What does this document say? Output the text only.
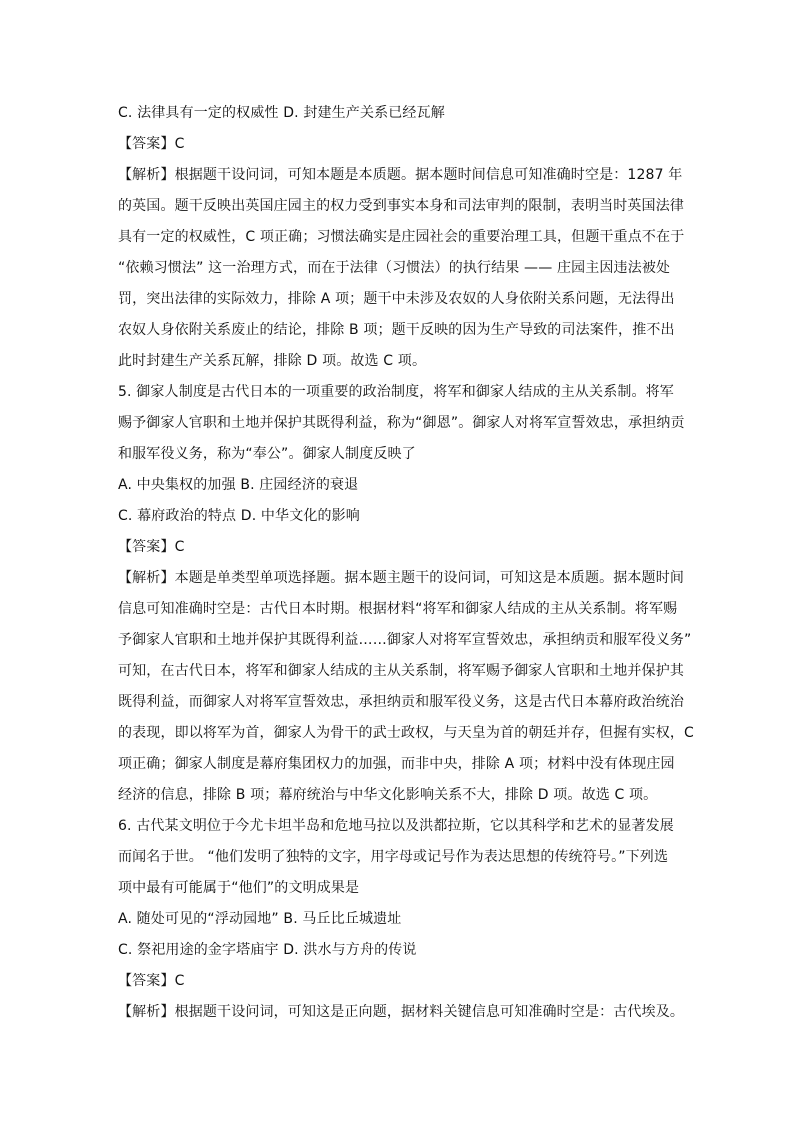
C. 法律具有一定的权威性 D. 封建生产关系已经瓦解
【答案】C
【解析】根据题干设问词，可知本题是本质题。据本题时间信息可知准确时空是：1287 年
的英国。题干反映出英国庄园主的权力受到事实本身和司法审判的限制，表明当时英国法律
具有一定的权威性，C 项正确；习惯法确实是庄园社会的重要治理工具，但题干重点不在于
“依赖习惯法” 这一治理方式，而在于法律（习惯法）的执行结果 —— 庄园主因违法被处
罚，突出法律的实际效力，排除 A 项；题干中未涉及农奴的人身依附关系问题，无法得出
农奴人身依附关系废止的结论，排除 B 项；题干反映的因为生产导致的司法案件，推不出
此时封建生产关系瓦解，排除 D 项。故选 C 项。
5. 御家人制度是古代日本的一项重要的政治制度，将军和御家人结成的主从关系制。将军
赐予御家人官职和土地并保护其既得利益，称为“御恩”。御家人对将军宣誓效忠，承担纳贡
和服军役义务，称为“奉公”。御家人制度反映了
A. 中央集权的加强 B. 庄园经济的衰退
C. 幕府政治的特点 D. 中华文化的影响
【答案】C
【解析】本题是单类型单项选择题。据本题主题干的设问词，可知这是本质题。据本题时间
信息可知准确时空是：古代日本时期。根据材料“将军和御家人结成的主从关系制。将军赐
予御家人官职和土地并保护其既得利益……御家人对将军宣誓效忠，承担纳贡和服军役义务”
可知，在古代日本，将军和御家人结成的主从关系制，将军赐予御家人官职和土地并保护其
既得利益，而御家人对将军宣誓效忠，承担纳贡和服军役义务，这是古代日本幕府政治统治
的表现，即以将军为首，御家人为骨干的武士政权，与天皇为首的朝廷并存，但握有实权，C
项正确；御家人制度是幕府集团权力的加强，而非中央，排除 A 项；材料中没有体现庄园
经济的信息，排除 B 项；幕府统治与中华文化影响关系不大，排除 D 项。故选 C 项。
6. 古代某文明位于今尤卡坦半岛和危地马拉以及洪都拉斯，它以其科学和艺术的显著发展
而闻名于世。 “他们发明了独特的文字，用字母或记号作为表达思想的传统符号。”下列选
项中最有可能属于“他们”的文明成果是
A. 随处可见的“浮动园地” B. 马丘比丘城遗址
C. 祭祀用途的金字塔庙宇 D. 洪水与方舟的传说
【答案】C
【解析】根据题干设问词，可知这是正向题，据材料关键信息可知准确时空是：古代埃及。
